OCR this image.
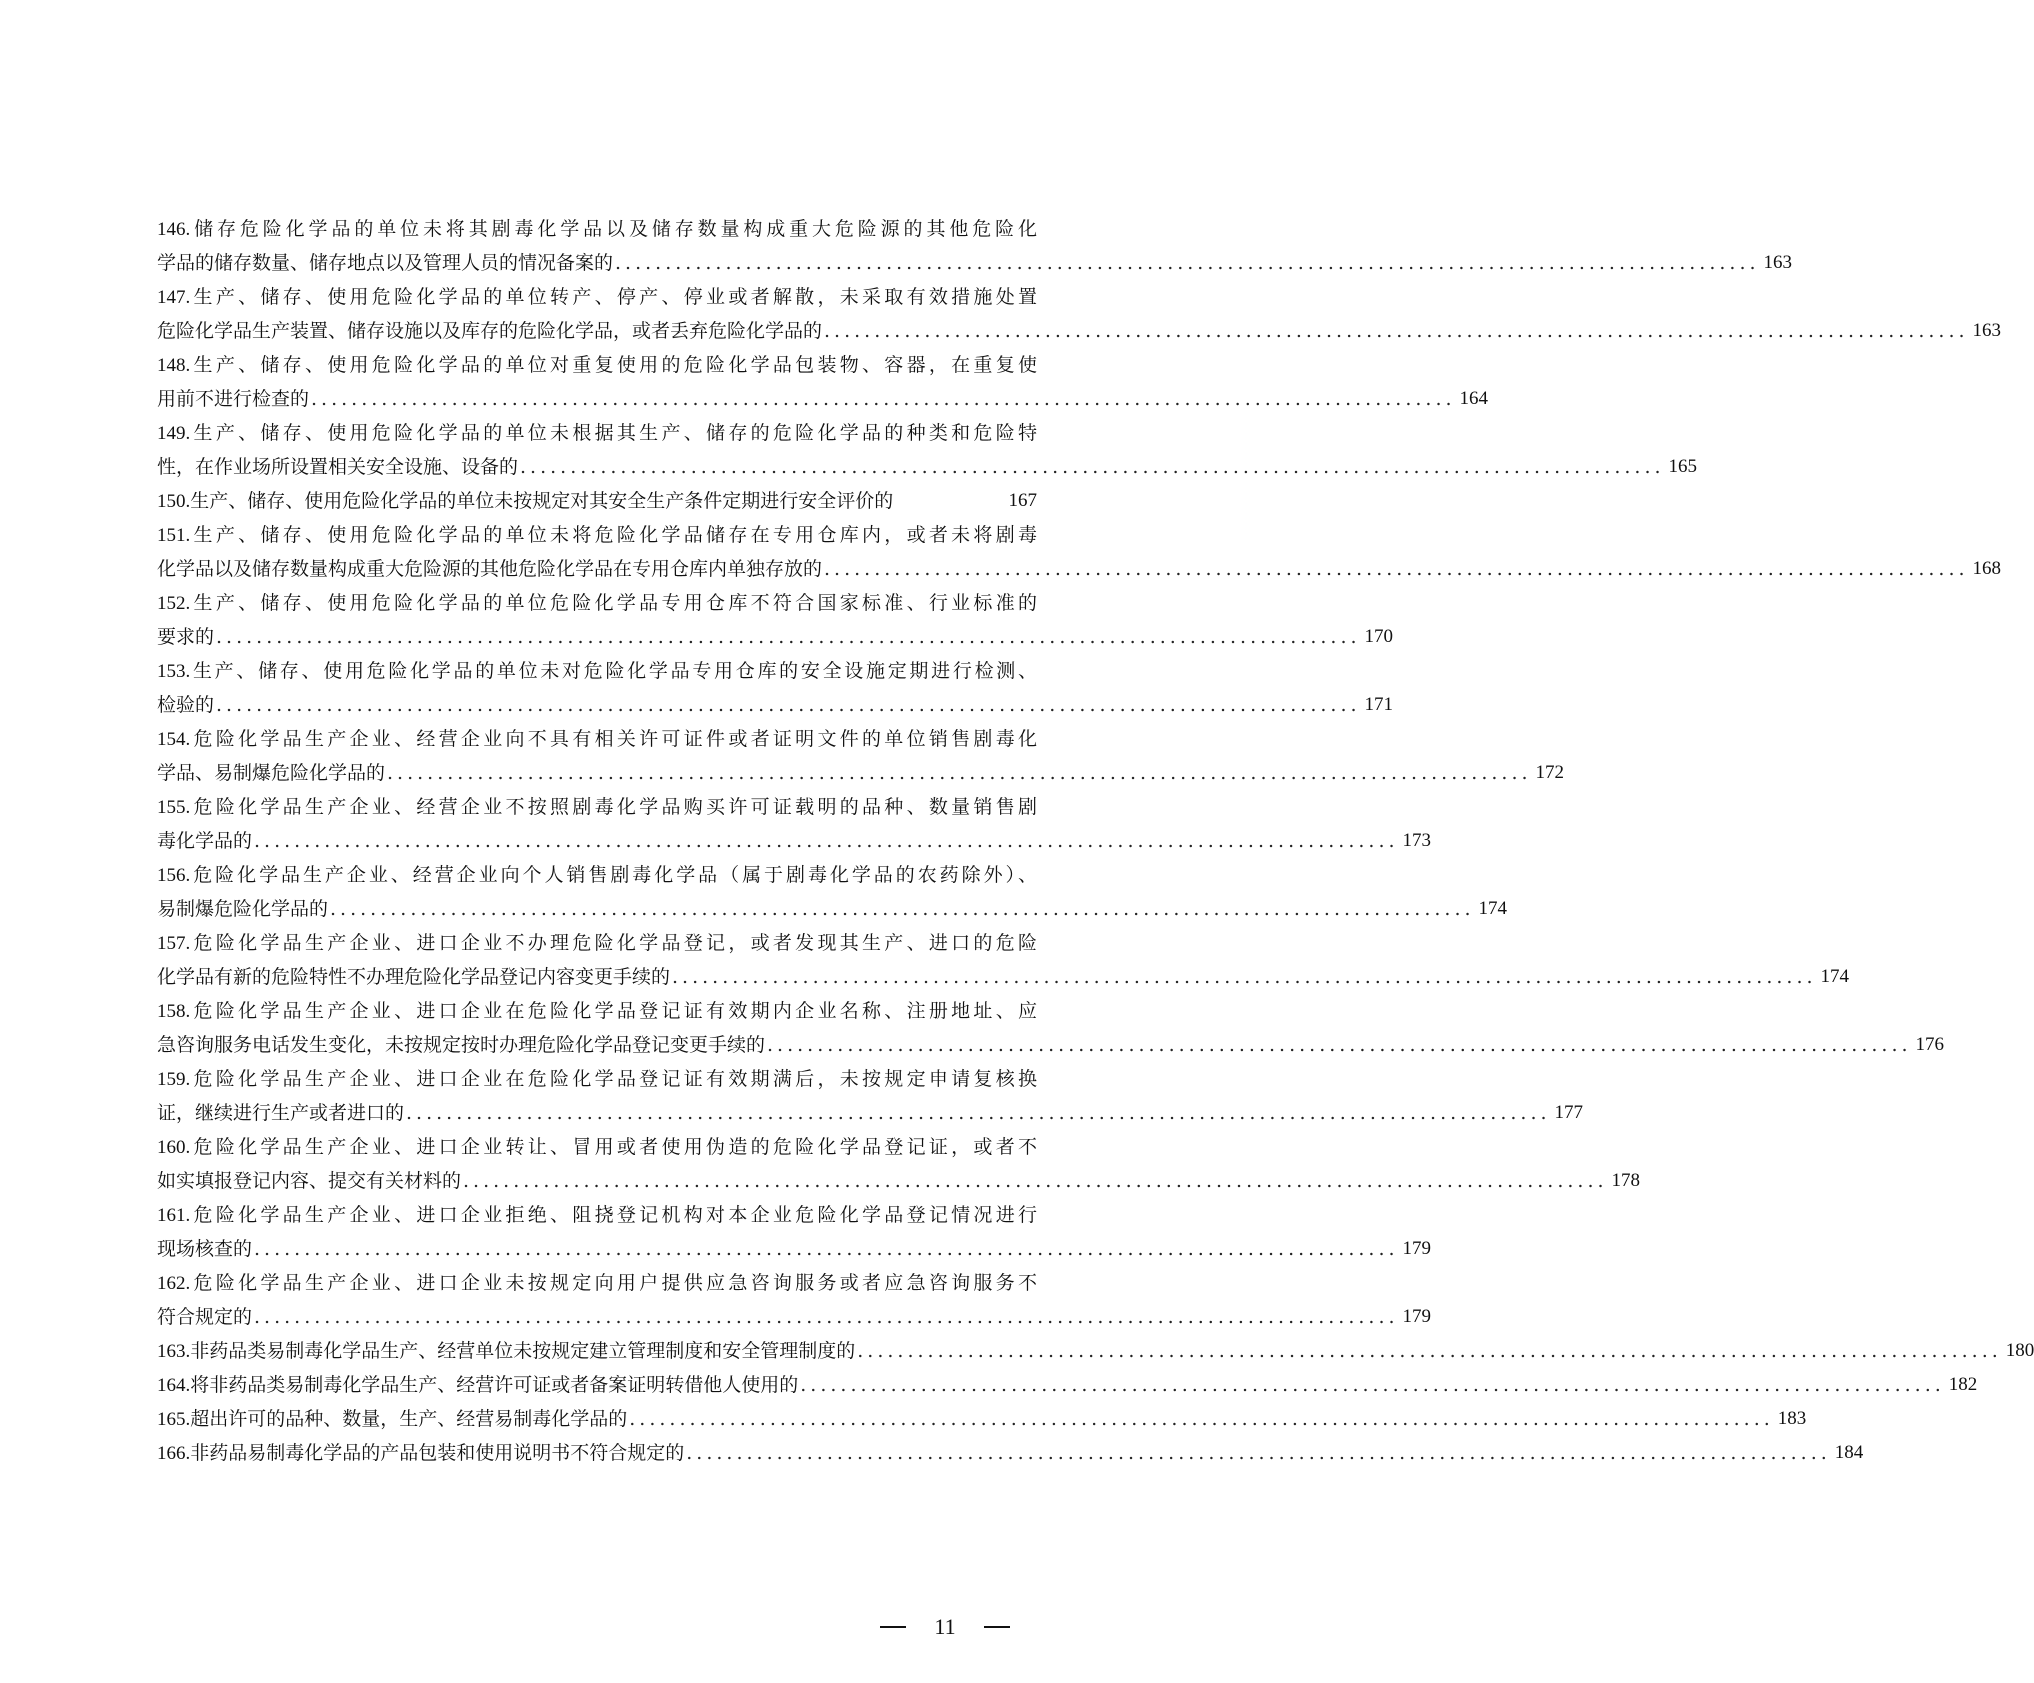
146.储存危险化学品的单位未将其剧毒化学品以及储存数量构成重大危险源的其他危险化
学品的储存数量、储存地点以及管理人员的情况备案的 .................................................................................................................. 163
147.生产、储存、使用危险化学品的单位转产、停产、停业或者解散，未采取有效措施处置
危险化学品生产装置、储存设施以及库存的危险化学品，或者丢弃危险化学品的 .................................................................................................................. 163
148.生产、储存、使用危险化学品的单位对重复使用的危险化学品包装物、容器，在重复使
用前不进行检查的 .................................................................................................................. 164
149.生产、储存、使用危险化学品的单位未根据其生产、储存的危险化学品的种类和危险特
性，在作业场所设置相关安全设施、设备的 .................................................................................................................. 165
150.生产、储存、使用危险化学品的单位未按规定对其安全生产条件定期进行安全评价的	167
151.生产、储存、使用危险化学品的单位未将危险化学品储存在专用仓库内，或者未将剧毒
化学品以及储存数量构成重大危险源的其他危险化学品在专用仓库内单独存放的 .................................................................................................................. 168
152.生产、储存、使用危险化学品的单位危险化学品专用仓库不符合国家标准、行业标准的
要求的 .................................................................................................................. 170
153.生产、储存、使用危险化学品的单位未对危险化学品专用仓库的安全设施定期进行检测、
检验的 .................................................................................................................. 171
154.危险化学品生产企业、经营企业向不具有相关许可证件或者证明文件的单位销售剧毒化
学品、易制爆危险化学品的 .................................................................................................................. 172
155.危险化学品生产企业、经营企业不按照剧毒化学品购买许可证载明的品种、数量销售剧
毒化学品的 .................................................................................................................. 173
156.危险化学品生产企业、经营企业向个人销售剧毒化学品（属于剧毒化学品的农药除外）、
易制爆危险化学品的 .................................................................................................................. 174
157.危险化学品生产企业、进口企业不办理危险化学品登记，或者发现其生产、进口的危险
化学品有新的危险特性不办理危险化学品登记内容变更手续的 .................................................................................................................. 174
158.危险化学品生产企业、进口企业在危险化学品登记证有效期内企业名称、注册地址、应
急咨询服务电话发生变化，未按规定按时办理危险化学品登记变更手续的 .................................................................................................................. 176
159.危险化学品生产企业、进口企业在危险化学品登记证有效期满后，未按规定申请复核换
证，继续进行生产或者进口的 .................................................................................................................. 177
160.危险化学品生产企业、进口企业转让、冒用或者使用伪造的危险化学品登记证，或者不
如实填报登记内容、提交有关材料的 .................................................................................................................. 178
161.危险化学品生产企业、进口企业拒绝、阻挠登记机构对本企业危险化学品登记情况进行
现场核查的 .................................................................................................................. 179
162.危险化学品生产企业、进口企业未按规定向用户提供应急咨询服务或者应急咨询服务不
符合规定的 .................................................................................................................. 179
163.非药品类易制毒化学品生产、经营单位未按规定建立管理制度和安全管理制度的 .................................................................................................................. 180
164.将非药品类易制毒化学品生产、经营许可证或者备案证明转借他人使用的 .................................................................................................................. 182
165.超出许可的品种、数量，生产、经营易制毒化学品的 .................................................................................................................. 183
166.非药品易制毒化学品的产品包装和使用说明书不符合规定的 .................................................................................................................. 184
11
